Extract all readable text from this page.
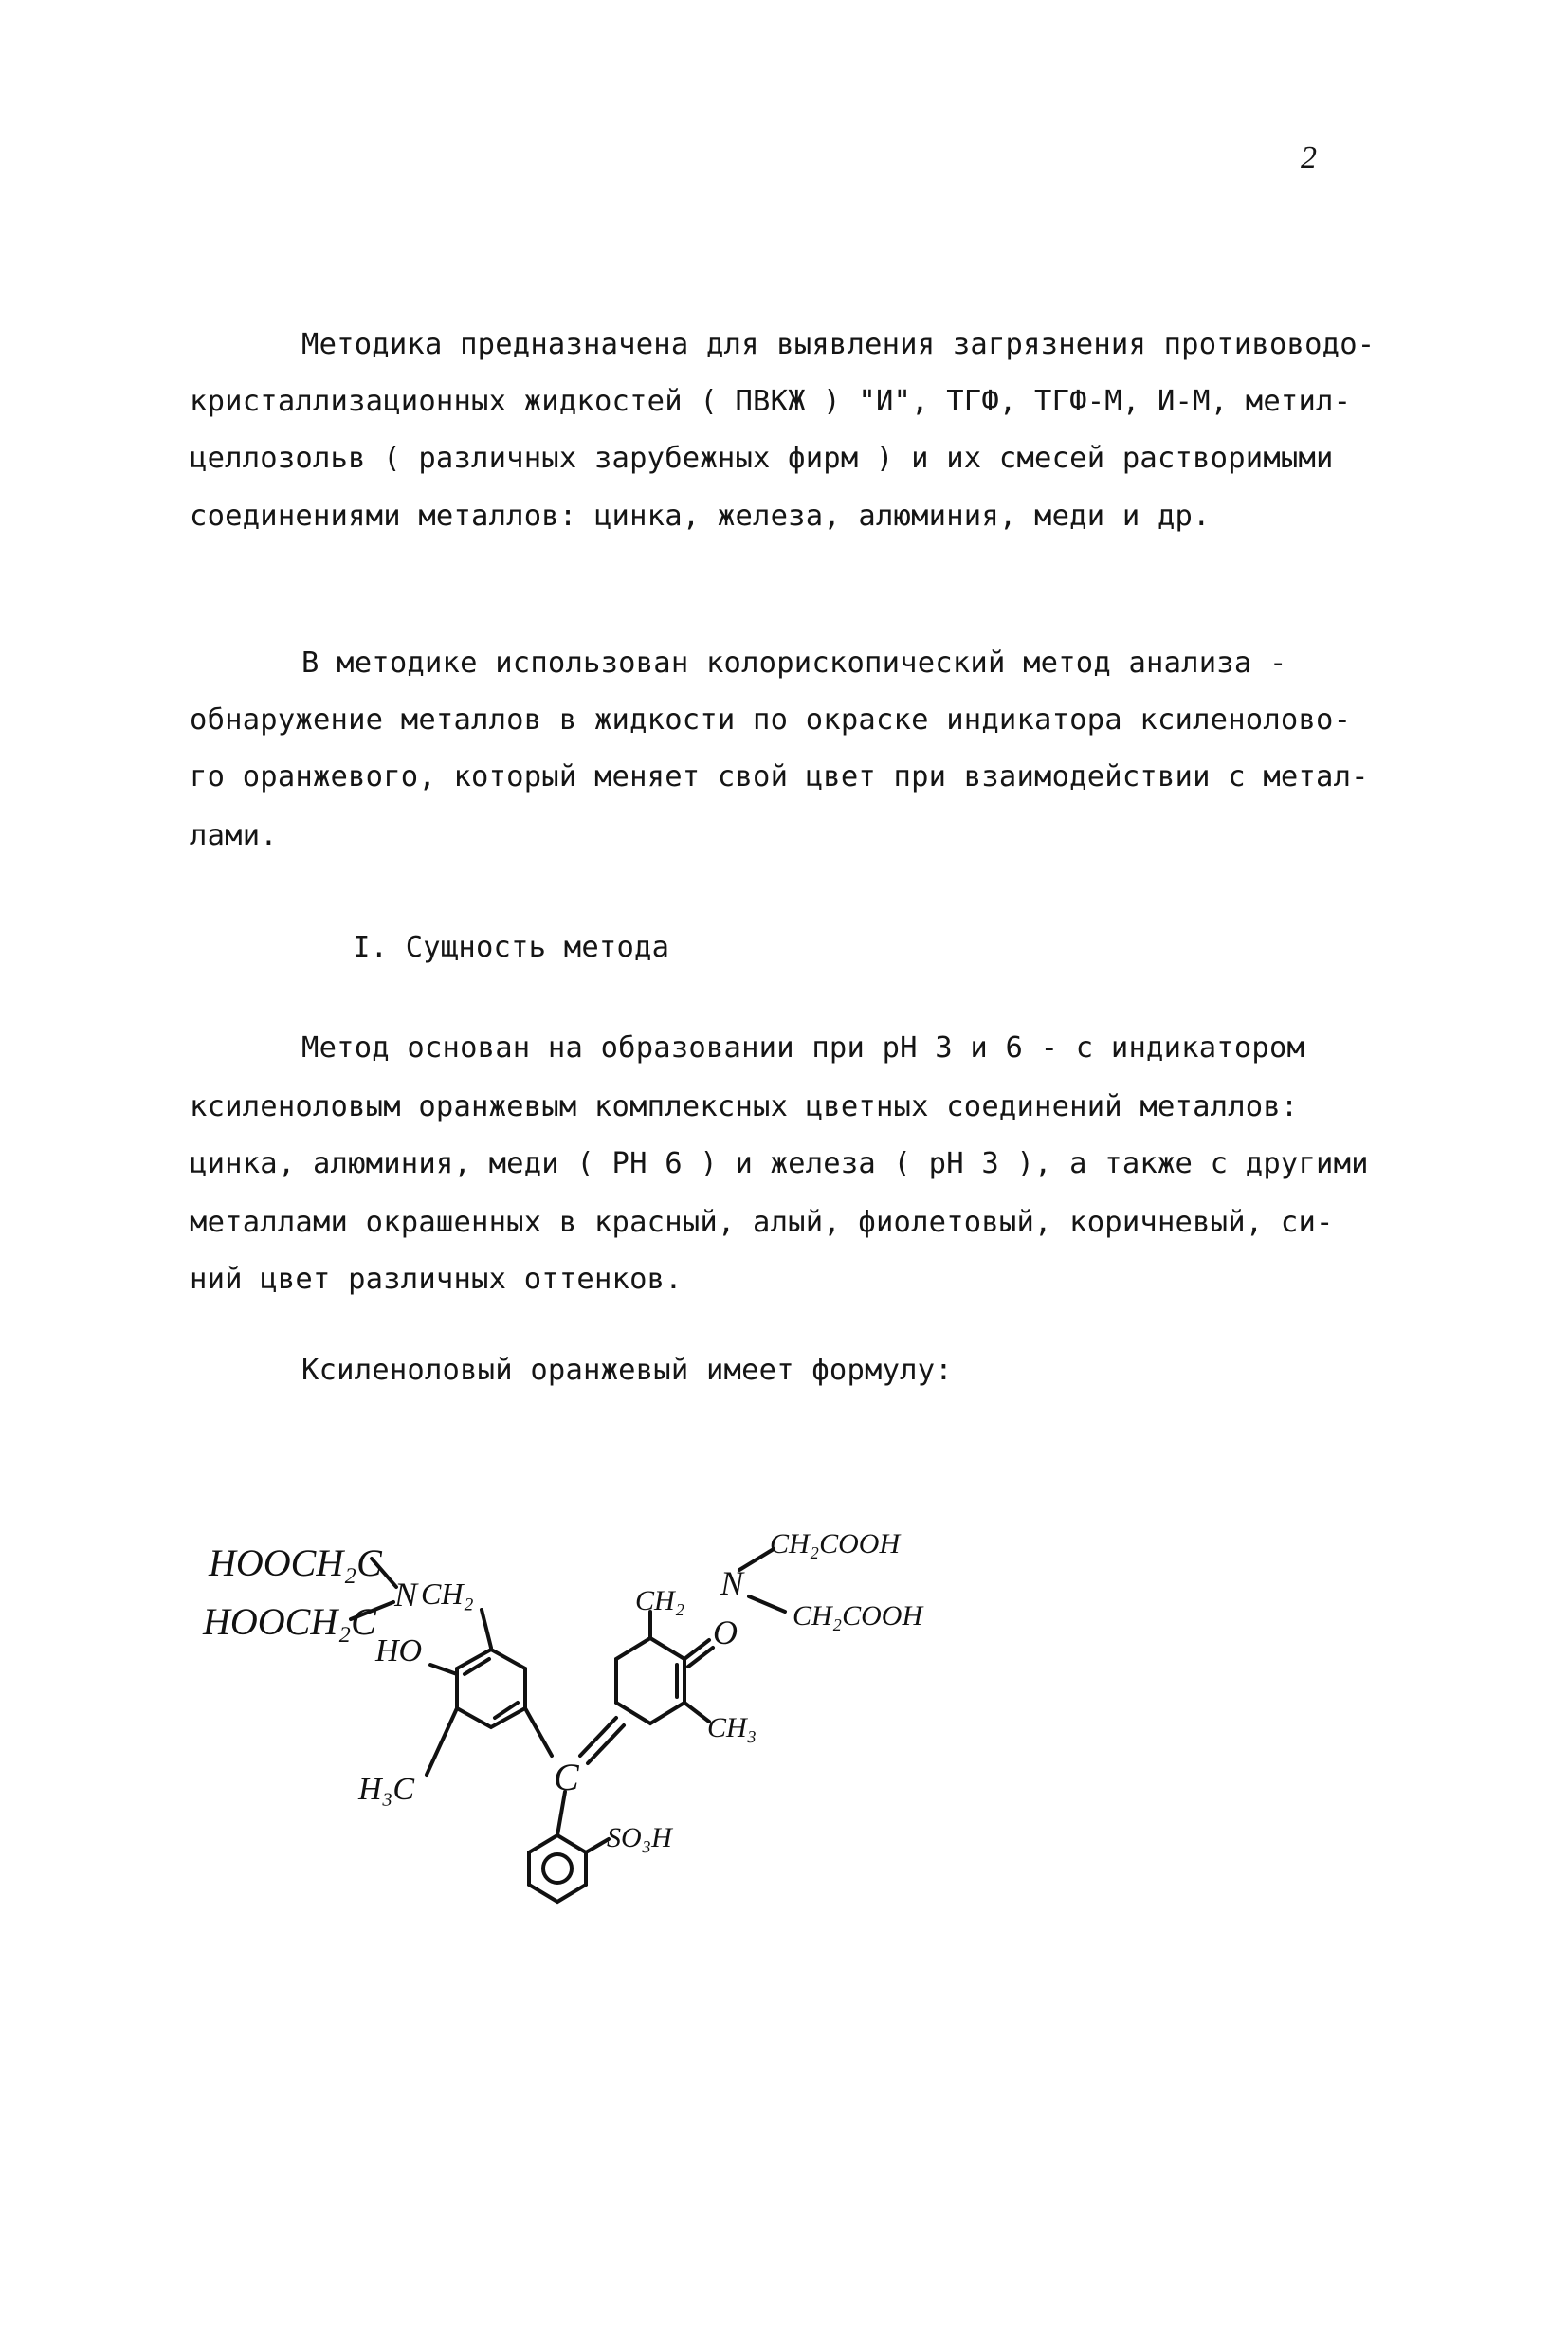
2
Методика предназначена для выявления загрязнения противоводо-
кристаллизационных жидкостей ( ПВКЖ ) "И", ТГФ, ТГФ-М, И-М, метил-
целлозольв ( различных зарубежных фирм ) и их смесей растворимыми
соединениями металлов: цинка, железа, алюминия, меди и др.
В методике использован колорископический метод анализа -
обнаружение металлов в жидкости по окраске индикатора ксиленолово-
го оранжевого, который меняет свой цвет при взаимодействии с метал-
лами.
I. Сущность метода
Метод основан на образовании при pH 3 и 6 - с индикатором
ксиленоловым оранжевым комплексных цветных соединений металлов:
цинка, алюминия, меди ( PH 6 ) и железа ( pH 3 ), а также с другими
металлами окрашенных в красный, алый, фиолетовый, коричневый, си-
ний цвет различных оттенков.
Ксиленоловый оранжевый имеет формулу:
HOOCH₂C
HOOCH₂C
N CH₂
HO
H₃C	C
CH₂ N
CH₂COOH
CH₂COOH
O
CH₃
SO₃H
